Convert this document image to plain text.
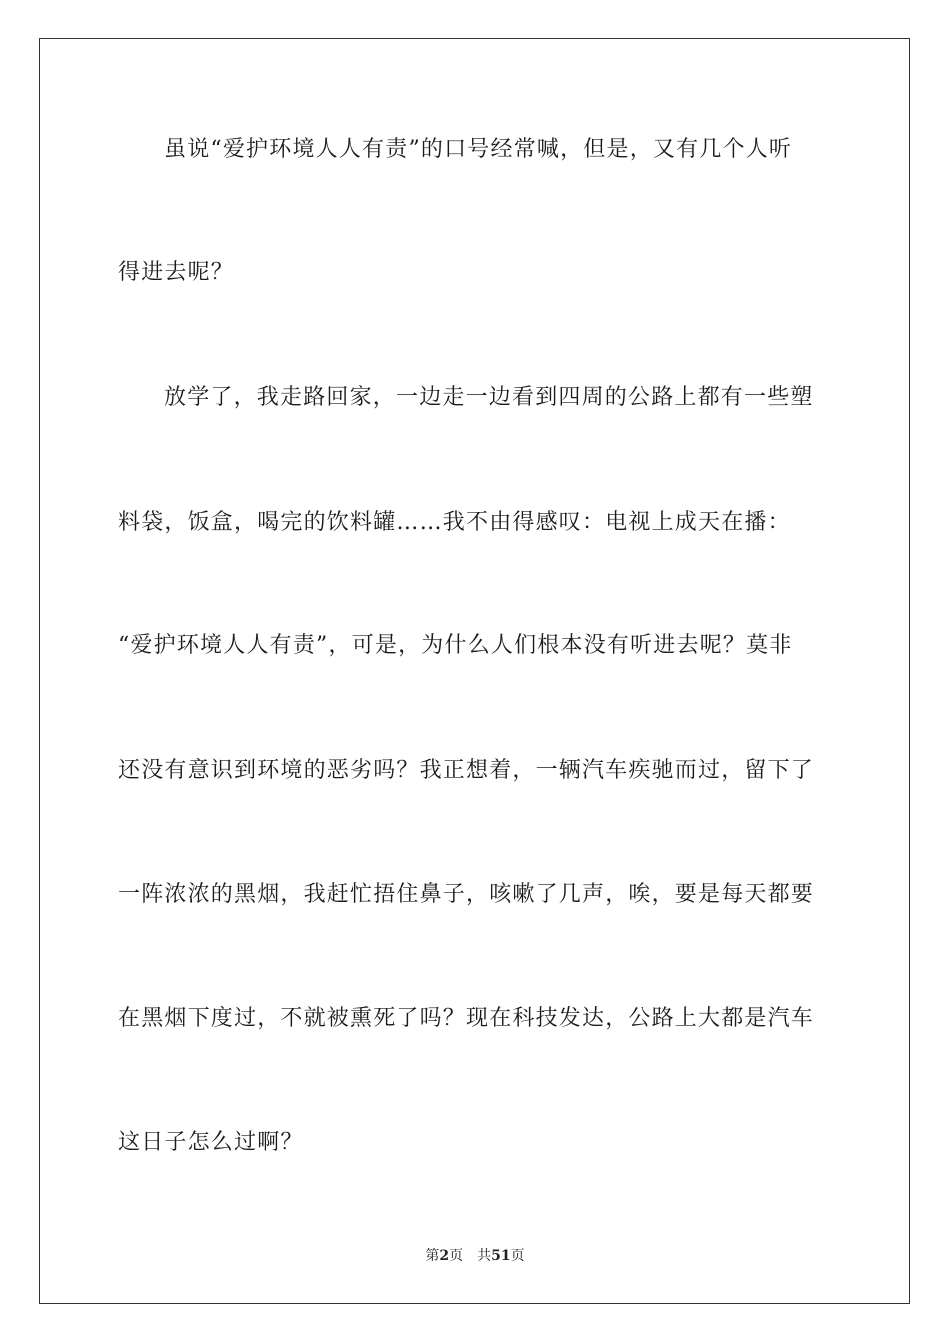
虽说“爱护环境人人有责”的口号经常喊，但是，又有几个人听
得进去呢？
放学了，我走路回家，一边走一边看到四周的公路上都有一些塑
料袋，饭盒，喝完的饮料罐……我不由得感叹：电视上成天在播：
“爱护环境人人有责”，可是，为什么人们根本没有听进去呢？莫非
还没有意识到环境的恶劣吗？我正想着，一辆汽车疾驰而过，留下了
一阵浓浓的黑烟，我赶忙捂住鼻子，咳嗽了几声，唉，要是每天都要
在黑烟下度过，不就被熏死了吗？现在科技发达，公路上大都是汽车
这日子怎么过啊？
第2页 共51页
